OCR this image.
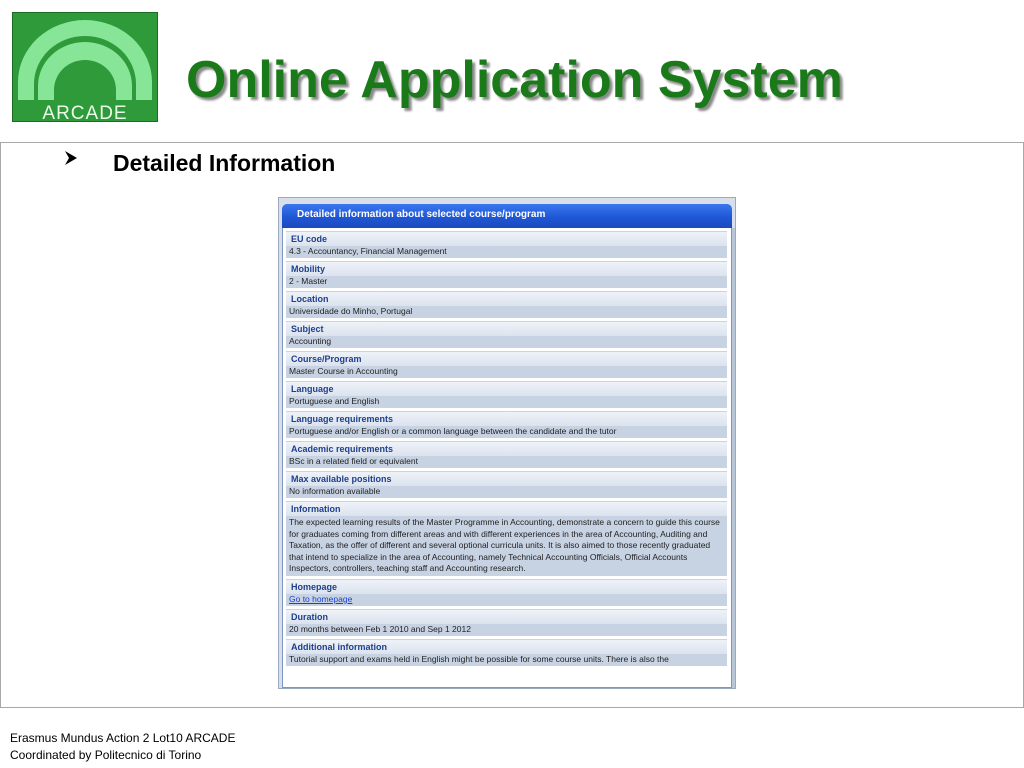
ARCADE
Online Application System
Detailed Information
Detailed information about selected course/program
EU code
4.3 - Accountancy, Financial Management
Mobility
2 - Master
Location
Universidade do Minho, Portugal
Subject
Accounting
Course/Program
Master Course in Accounting
Language
Portuguese and English
Language requirements
Portuguese and/or English or a common language between the candidate and the tutor
Academic requirements
BSc in a related field or equivalent
Max available positions
No information available
Information
The expected learning results of the Master Programme in Accounting, demonstrate a concern to guide this course for graduates coming from different areas and with different experiences in the area of Accounting, Auditing and Taxation, as the offer of different and several optional curricula units. It is also aimed to those recently graduated that intend to specialize in the area of Accounting, namely Technical Accounting Officials, Official Accounts Inspectors, controllers, teaching staff and Accounting research.
Homepage
Go to homepage
Duration
20 months between Feb 1 2010 and Sep 1 2012
Additional information
Tutorial support and exams held in English might be possible for some course units. There is also the
Erasmus Mundus Action 2 Lot10 ARCADE
Coordinated by Politecnico di Torino
